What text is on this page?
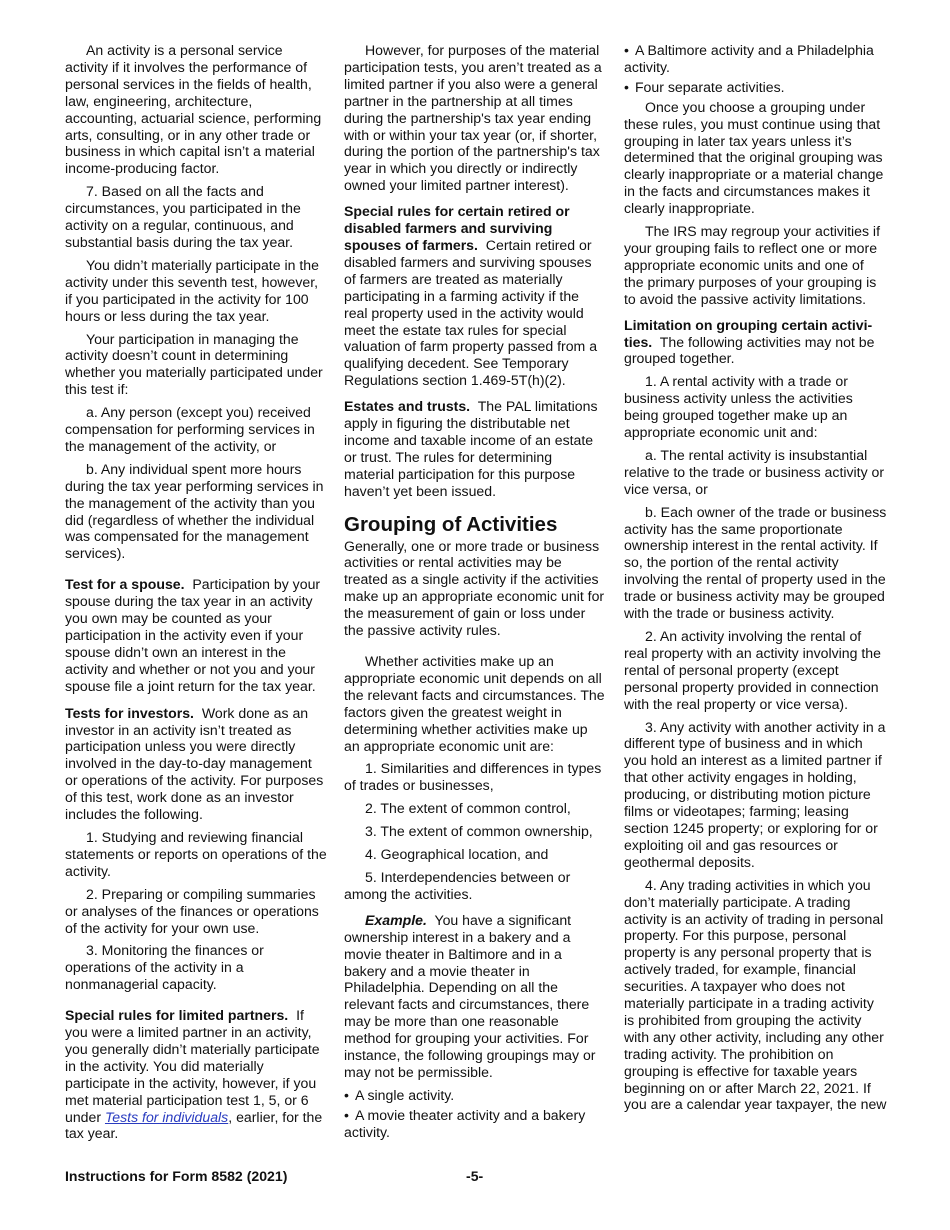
An activity is a personal service activity if it involves the performance of personal services in the fields of health, law, engineering, architecture, accounting, actuarial science, performing arts, consulting, or in any other trade or business in which capital isn’t a material income-producing factor.

7. Based on all the facts and circumstances, you participated in the activity on a regular, continuous, and substantial basis during the tax year.

You didn’t materially participate in the activity under this seventh test, however, if you participated in the activity for 100 hours or less during the tax year.

Your participation in managing the activity doesn’t count in determining whether you materially participated under this test if:

a. Any person (except you) received compensation for performing services in the management of the activity, or

b. Any individual spent more hours during the tax year performing services in the management of the activity than you did (regardless of whether the individual was compensated for the management services).

Test for a spouse. Participation by your spouse during the tax year in an activity you own may be counted as your participation in the activity even if your spouse didn’t own an interest in the activity and whether or not you and your spouse file a joint return for the tax year.

Tests for investors. Work done as an investor in an activity isn’t treated as participation unless you were directly involved in the day-to-day management or operations of the activity. For purposes of this test, work done as an investor includes the following.

1. Studying and reviewing financial statements or reports on operations of the activity.

2. Preparing or compiling summaries or analyses of the finances or operations of the activity for your own use.

3. Monitoring the finances or operations of the activity in a nonmanagerial capacity.

Special rules for limited partners. If you were a limited partner in an activity, you generally didn’t materially participate in the activity. You did materially participate in the activity, however, if you met material participation test 1, 5, or 6 under Tests for individuals, earlier, for the tax year.

However, for purposes of the material participation tests, you aren’t treated as a limited partner if you also were a general partner in the partnership at all times during the partnership's tax year ending with or within your tax year (or, if shorter, during the portion of the partnership's tax year in which you directly or indirectly owned your limited partner interest).

Special rules for certain retired or disabled farmers and surviving spouses of farmers. Certain retired or disabled farmers and surviving spouses of farmers are treated as materially participating in a farming activity if the real property used in the activity would meet the estate tax rules for special valuation of farm property passed from a qualifying decedent. See Temporary Regulations section 1.469-5T(h)(2).

Estates and trusts. The PAL limitations apply in figuring the distributable net income and taxable income of an estate or trust. The rules for determining material participation for this purpose haven’t yet been issued.

Grouping of Activities

Generally, one or more trade or business activities or rental activities may be treated as a single activity if the activities make up an appropriate economic unit for the measurement of gain or loss under the passive activity rules.

Whether activities make up an appropriate economic unit depends on all the relevant facts and circumstances. The factors given the greatest weight in determining whether activities make up an appropriate economic unit are:

1. Similarities and differences in types of trades or businesses,

2. The extent of common control,

3. The extent of common ownership,

4. Geographical location, and

5. Interdependencies between or among the activities.

Example. You have a significant ownership interest in a bakery and a movie theater in Baltimore and in a bakery and a movie theater in Philadelphia. Depending on all the relevant facts and circumstances, there may be more than one reasonable method for grouping your activities. For instance, the following groupings may or may not be permissible.

• A single activity.

• A movie theater activity and a bakery activity.

• A Baltimore activity and a Philadelphia activity.

• Four separate activities.

Once you choose a grouping under these rules, you must continue using that grouping in later tax years unless it’s determined that the original grouping was clearly inappropriate or a material change in the facts and circumstances makes it clearly inappropriate.

The IRS may regroup your activities if your grouping fails to reflect one or more appropriate economic units and one of the primary purposes of your grouping is to avoid the passive activity limitations.

Limitation on grouping certain activi-ties. The following activities may not be grouped together.

1. A rental activity with a trade or business activity unless the activities being grouped together make up an appropriate economic unit and:

a. The rental activity is insubstantial relative to the trade or business activity or vice versa, or

b. Each owner of the trade or business activity has the same proportionate ownership interest in the rental activity. If so, the portion of the rental activity involving the rental of property used in the trade or business activity may be grouped with the trade or business activity.

2. An activity involving the rental of real property with an activity involving the rental of personal property (except personal property provided in connection with the real property or vice versa).

3. Any activity with another activity in a different type of business and in which you hold an interest as a limited partner if that other activity engages in holding, producing, or distributing motion picture films or videotapes; farming; leasing section 1245 property; or exploring for or exploiting oil and gas resources or geothermal deposits.

4. Any trading activities in which you don’t materially participate. A trading activity is an activity of trading in personal property. For this purpose, personal property is any personal property that is actively traded, for example, financial securities. A taxpayer who does not materially participate in a trading activity is prohibited from grouping the activity with any other activity, including any other trading activity. The prohibition on grouping is effective for taxable years beginning on or after March 22, 2021. If you are a calendar year taxpayer, the new

Instructions for Form 8582 (2021)	-5-
